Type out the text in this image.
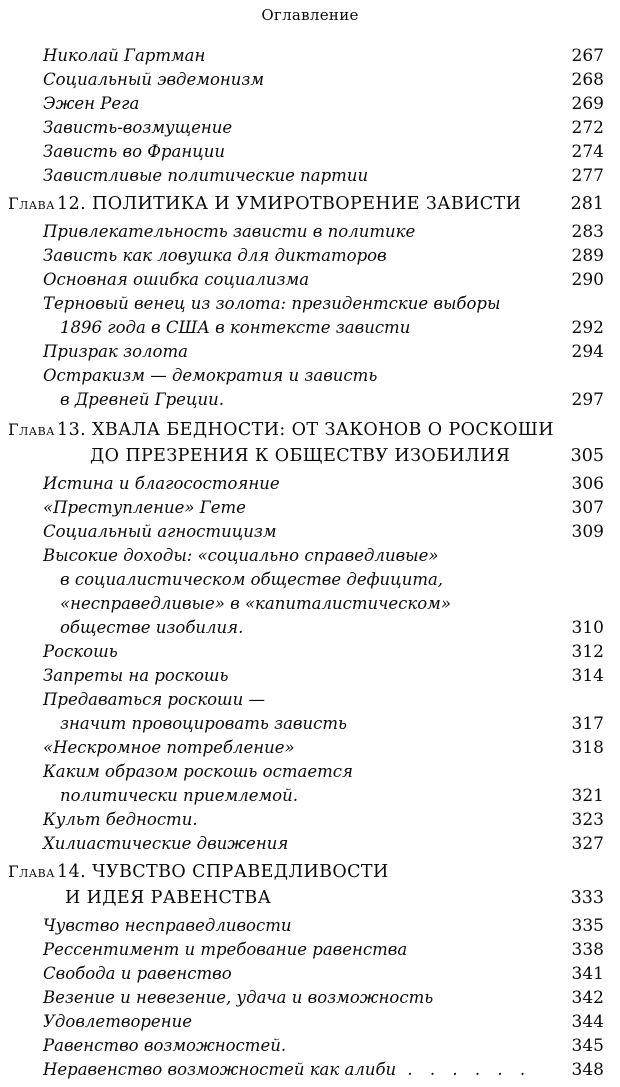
Оглавление
Николай Гартман	267
Социальный эвдемонизм	268
Эжен Рега	269
Зависть-возмущение	272
Зависть во Франции	274
Завистливые политические партии	277
Глава 12. ПОЛИТИКА И УМИРОТВОРЕНИЕ ЗАВИСТИ	281
Привлекательность зависти в политике	283
Зависть как ловушка для диктаторов	289
Основная ошибка социализма	290
Терновый венец из золота: президентские выборы
1896 года в США в контексте зависти	292
Призрак золота	294
Остракизм — демократия и зависть
в Древней Греции.	297
Глава 13. ХВАЛА БЕДНОСТИ: ОТ ЗАКОНОВ О РОСКОШИ
ДО ПРЕЗРЕНИЯ К ОБЩЕСТВУ ИЗОБИЛИЯ	305
Истина и благосостояние	306
«Преступление» Гете	307
Социальный агностицизм	309
Высокие доходы: «социально справедливые»
в социалистическом обществе дефицита,
«несправедливые» в «капиталистическом»
обществе изобилия.	310
Роскошь	312
Запреты на роскошь	314
Предаваться роскоши —
значит провоцировать зависть	317
«Нескромное потребление»	318
Каким образом роскошь остается
политически приемлемой.	321
Культ бедности.	323
Хилиастические движения	327
Глава 14. ЧУВСТВО СПРАВЕДЛИВОСТИ
И ИДЕЯ РАВЕНСТВА	333
Чувство несправедливости	335
Рессентимент и требование равенства	338
Свобода и равенство	341
Везение и невезение, удача и возможность	342
Удовлетворение	344
Равенство возможностей.	345
Неравенство возможностей как алиби . . . . . . 348
